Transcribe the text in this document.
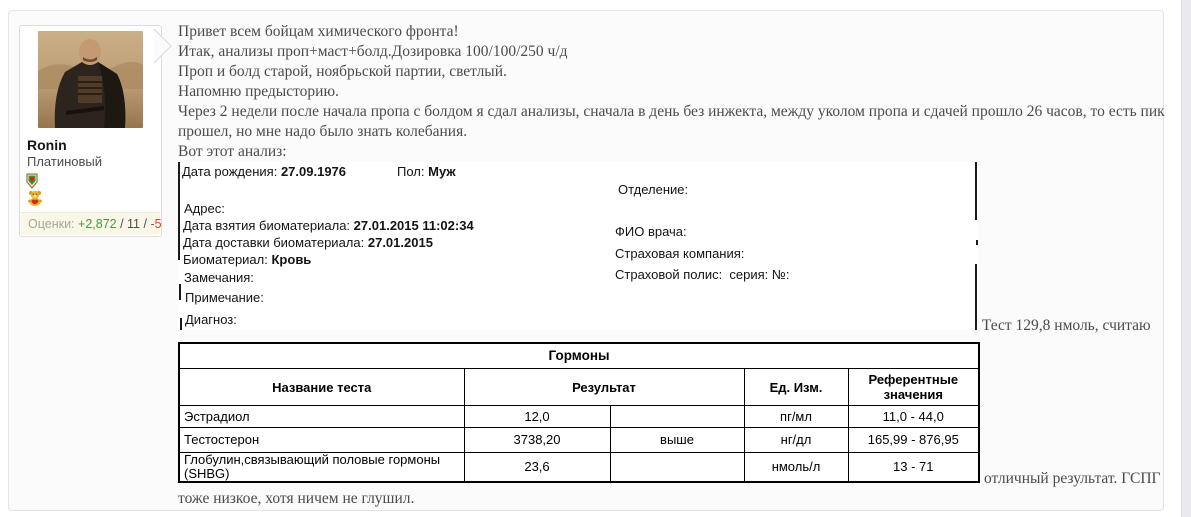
Ronin
Платиновый
Оценки: +2,872 / 11 / -5
Привет всем бойцам химического фронта!
Итак, анализы проп+маст+болд.Дозировка 100/100/250 ч/д
Проп и болд старой, ноябрьской партии, светлый.
Напомню предысторию.
Через 2 недели после начала пропа с болдом я сдал анализы, сначала в день без инжекта, между уколом пропа и сдачей прошло 26 часов, то есть пик прошел, но мне надо было знать колебания.
Вот этот анализ:
Дата рождения: 27.09.1976	Пол: Муж
Адрес:
Дата взятия биоматериала: 27.01.2015 11:02:34
Дата доставки биоматериала: 27.01.2015
Биоматериал: Кровь
Замечания:
Примечание:
Диагноз:
Отделение:
ФИО врача:
Страховая компания:
Страховой полис:  серия: №:
Тест 129,8 нмоль, считаю
Гормоны				
Название теста	Результат		Ед. Изм.	Референтные значения
Эстрадиол	12,0		пг/мл	11,0 - 44,0
Тестостерон	3738,20	выше	нг/дл	165,99 - 876,95
Глобулин,связывающий половые гормоны (SHBG)	23,6		нмоль/л	13 - 71
отличный результат. ГСПГ тоже низкое, хотя ничем не глушил.
